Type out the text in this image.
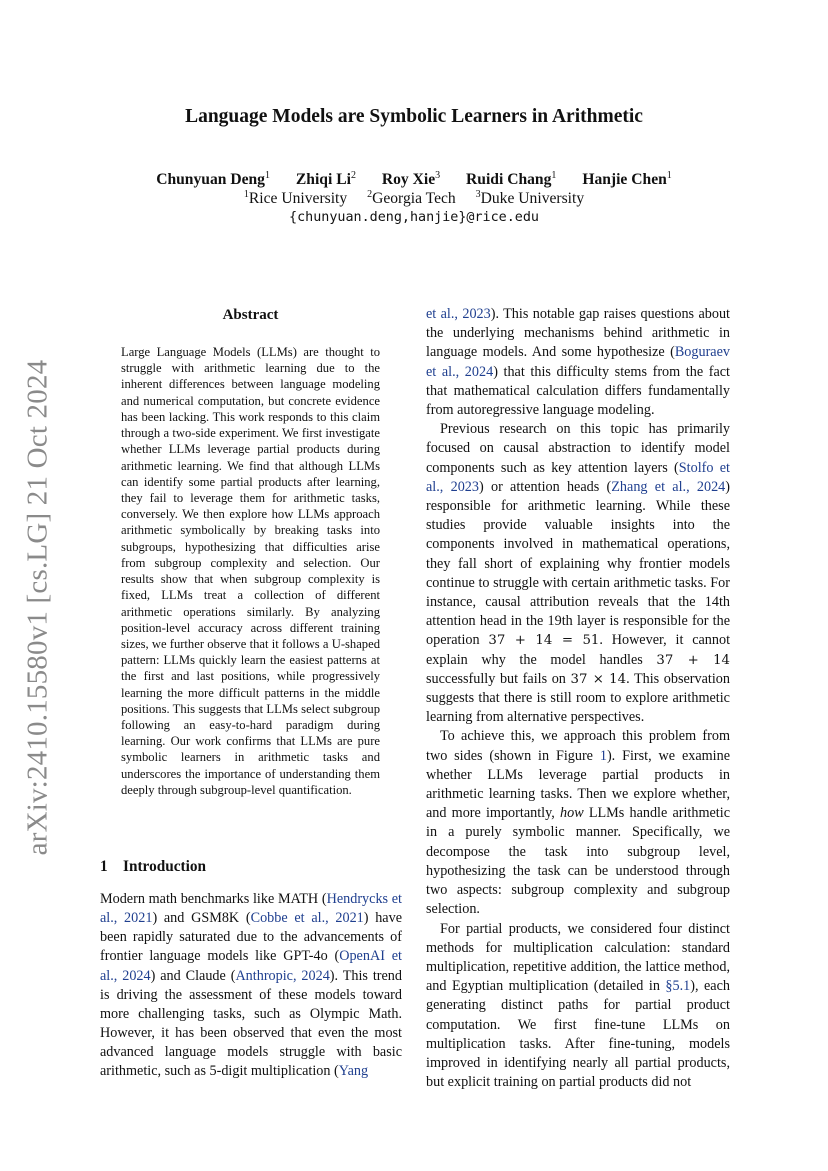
arXiv:2410.15580v1 [cs.LG] 21 Oct 2024
Language Models are Symbolic Learners in Arithmetic
Chunyuan Deng$^1$ Zhiqi Li$^2$ Roy Xie$^3$ Ruidi Chang$^1$ Hanjie Chen$^1$
$^1$Rice University $^2$Georgia Tech $^3$Duke University
{chunyuan.deng,hanjie}@rice.edu
Abstract
Large Language Models (LLMs) are thought to struggle with arithmetic learning due to the inherent differences between language modeling and numerical computation, but concrete evidence has been lacking. This work responds to this claim through a two-side experiment. We first investigate whether LLMs leverage partial products during arithmetic learning. We find that although LLMs can identify some partial products after learning, they fail to leverage them for arithmetic tasks, conversely. We then explore how LLMs approach arithmetic symbolically by breaking tasks into subgroups, hypothesizing that difficulties arise from subgroup complexity and selection. Our results show that when subgroup complexity is fixed, LLMs treat a collection of different arithmetic operations similarly. By analyzing position-level accuracy across different training sizes, we further observe that it follows a U-shaped pattern: LLMs quickly learn the easiest patterns at the first and last positions, while progressively learning the more difficult patterns in the middle positions. This suggests that LLMs select subgroup following an easy-to-hard paradigm during learning. Our work confirms that LLMs are pure symbolic learners in arithmetic tasks and underscores the importance of understanding them deeply through subgroup-level quantification.
1 Introduction

Modern math benchmarks like MATH (Hendrycks et al., 2021) and GSM8K (Cobbe et al., 2021) have been rapidly saturated due to the advancements of frontier language models like GPT-4o (OpenAI et al., 2024) and Claude (Anthropic, 2024). This trend is driving the assessment of these models toward more challenging tasks, such as Olympic Math. However, it has been observed that even the most advanced language models struggle with basic arithmetic, such as 5-digit multiplication (Yang

et al., 2023). This notable gap raises questions about the underlying mechanisms behind arithmetic in language models. And some hypothesize (Boguraev et al., 2024) that this difficulty stems from the fact that mathematical calculation differs fundamentally from autoregressive language modeling.

Previous research on this topic has primarily focused on causal abstraction to identify model components such as key attention layers (Stolfo et al., 2023) or attention heads (Zhang et al., 2024) responsible for arithmetic learning. While these studies provide valuable insights into the components involved in mathematical operations, they fall short of explaining why frontier models continue to struggle with certain arithmetic tasks. For instance, causal attribution reveals that the 14th attention head in the 19th layer is responsible for the operation 37 + 14 = 51. However, it cannot explain why the model handles 37 + 14 successfully but fails on 37 × 14. This observation suggests that there is still room to explore arithmetic learning from alternative perspectives.

To achieve this, we approach this problem from two sides (shown in Figure 1). First, we examine whether LLMs leverage partial products in arithmetic learning tasks. Then we explore whether, and more importantly, how LLMs handle arithmetic in a purely symbolic manner. Specifically, we decompose the task into subgroup level, hypothesizing the task can be understood through two aspects: subgroup complexity and subgroup selection.

For partial products, we considered four distinct methods for multiplication calculation: standard multiplication, repetitive addition, the lattice method, and Egyptian multiplication (detailed in §5.1), each generating distinct paths for partial product computation. We first fine-tune LLMs on multiplication tasks. After fine-tuning, models improved in identifying nearly all partial products, but explicit training on partial products did not
